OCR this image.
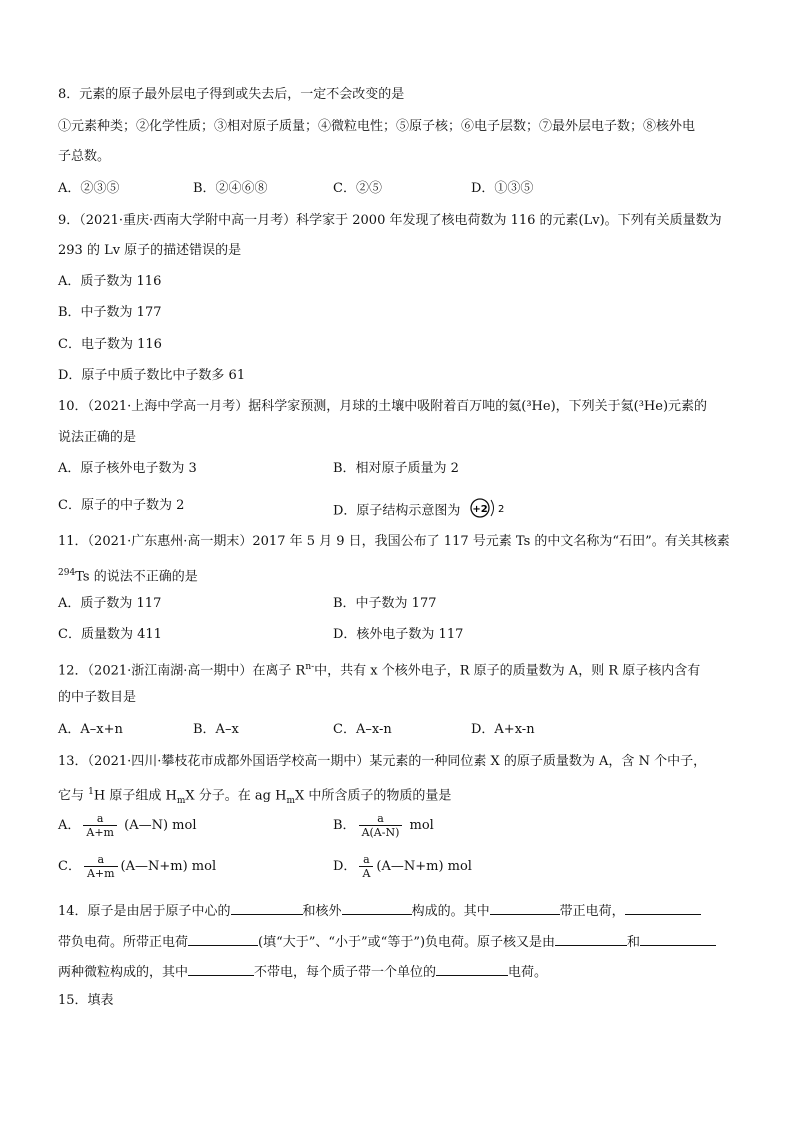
8．元素的原子最外层电子得到或失去后，一定不会改变的是
①元素种类；②化学性质；③相对原子质量；④微粒电性；⑤原子核；⑥电子层数；⑦最外层电子数；⑧核外电
子总数。
A．②③⑤	B．②④⑥⑧	C．②⑤	D．①③⑤
9．（2021·重庆·西南大学附中高一月考）科学家于 2000 年发现了核电荷数为 116 的元素(Lv)。下列有关质量数为
293 的 Lv 原子的描述错误的是
A．质子数为 116
B．中子数为 177
C．电子数为 116
D．原子中质子数比中子数多 61
10．（2021·上海中学高一月考）据科学家预测，月球的土壤中吸附着百万吨的氦(³He)，下列关于氦(³He)元素的
说法正确的是
A．原子核外电子数为 3	B．相对原子质量为 2
C．原子的中子数为 2	D．原子结构示意图为 +2 2
11．（2021·广东惠州·高一期末）2017 年 5 月 9 日，我国公布了 117 号元素 Ts 的中文名称为“石田”。有关其核素
$^{294}$Ts 的说法不正确的是
A．质子数为 117	B．中子数为 177
C．质量数为 411	D．核外电子数为 117
12．（2021·浙江南湖·高一期中）在离子 $R^{n-}$中，共有 x 个核外电子，R 原子的质量数为 A，则 R 原子核内含有
的中子数目是
A．A–x+n	B．A–x	C．A–x-n	D．A+x-n
13．（2021·四川·攀枝花市成都外国语学校高一期中）某元素的一种同位素 X 的原子质量数为 A，含 N 个中子，
它与 $^1$H 原子组成 $H_mX$ 分子。在 ag $H_mX$ 中所含质子的物质的量是
A． $\frac{a}{A+m}$ (A—N) mol	B． $\frac{a}{A(A-N)}$ mol
C． $\frac{a}{A+m}$ (A—N+m) mol	D． $\frac{a}{A}$ (A—N+m) mol
14．原子是由居于原子中心的	和核外	构成的。其中	带正电荷，
带负电荷。所带正电荷	(填“大于”、“小于”或“等于”)负电荷。原子核又是由	和
两种微粒构成的，其中	不带电，每个质子带一个单位的	电荷。
15．填表
